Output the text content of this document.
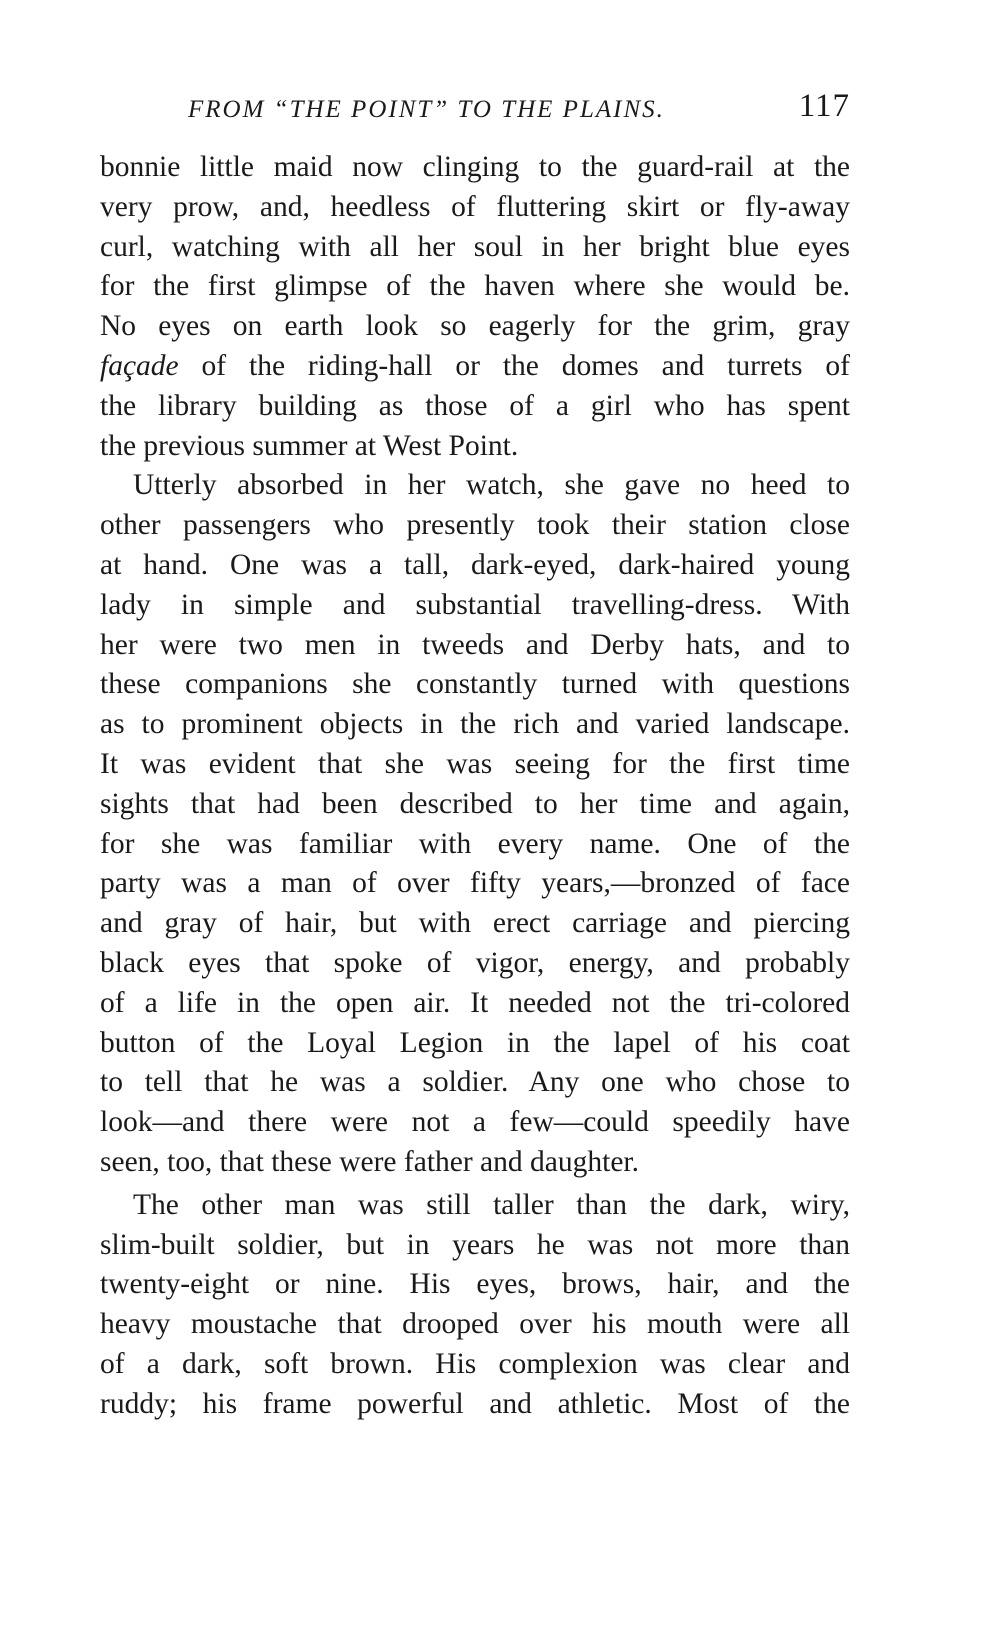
FROM “THE POINT” TO THE PLAINS.	117
bonnie little maid now clinging to the guard-rail at the
very prow, and, heedless of fluttering skirt or fly-away
curl, watching with all her soul in her bright blue eyes
for the first glimpse of the haven where she would be.
No eyes on earth look so eagerly for the grim, gray
façade of the riding-hall or the domes and turrets of
the library building as those of a girl who has spent
the previous summer at West Point.
Utterly absorbed in her watch, she gave no heed to
other passengers who presently took their station close
at hand. One was a tall, dark-eyed, dark-haired young
lady in simple and substantial travelling-dress. With
her were two men in tweeds and Derby hats, and to
these companions she constantly turned with questions
as to prominent objects in the rich and varied landscape.
It was evident that she was seeing for the first time
sights that had been described to her time and again,
for she was familiar with every name. One of the
party was a man of over fifty years,—bronzed of face
and gray of hair, but with erect carriage and piercing
black eyes that spoke of vigor, energy, and probably
of a life in the open air. It needed not the tri-colored
button of the Loyal Legion in the lapel of his coat
to tell that he was a soldier. Any one who chose to
look—and there were not a few—could speedily have
seen, too, that these were father and daughter.
The other man was still taller than the dark, wiry,
slim-built soldier, but in years he was not more than
twenty-eight or nine. His eyes, brows, hair, and the
heavy moustache that drooped over his mouth were all
of a dark, soft brown. His complexion was clear and
ruddy; his frame powerful and athletic. Most of the
